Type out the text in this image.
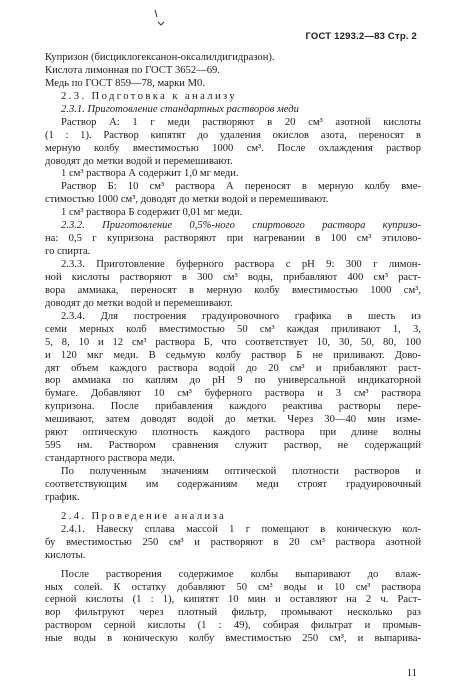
ГОСТ 1293.2—83 Стр. 2
Купризон (бисциклогексанон-оксалилдигидразон).
Кислота лимонная по ГОСТ 3652—69.
Медь по ГОСТ 859—78, марки М0.
2.3. Подготовка к анализу
2.3.1. Приготовление стандартных растворов меди
Раствор А: 1 г меди растворяют в 20 см³ азотной кислоты
(1 : 1). Раствор кипятят до удаления окислов азота, переносят в
мерную колбу вместимостью 1000 см³. После охлаждения раствор
доводят до метки водой и перемешивают.
1 см³ раствора А содержит 1,0 мг меди.
Раствор Б: 10 см³ раствора А переносят в мерную колбу вме-
стимостью 1000 см³, доводят до метки водой и перемешивают.
1 см³ раствора Б содержит 0,01 мг меди.
2.3.2. Приготовление 0,5%-ного спиртового раствора купризо-
на: 0,5 г купризона растворяют при нагревании в 100 см³ этилово-
го спирта.
2.3.3. Приготовление буферного раствора с pH 9: 300 г лимон-
ной кислоты растворяют в 300 см³ воды, прибавляют 400 см³ раст-
вора аммиака, переносят в мерную колбу вместимостью 1000 см³,
доводят до метки водой и перемешивают.
2.3.4. Для построения градуировочного графика в шесть из
семи мерных колб вместимостью 50 см³ каждая приливают 1, 3,
5, 8, 10 и 12 см³ раствора Б, что соответствует 10, 30, 50, 80, 100
и 120 мкг меди. В седьмую колбу раствор Б не приливают. Дово-
дят объем каждого раствора водой до 20 см³ и прибавляют раст-
вор аммиака по каплям до pH 9 по универсальной индикаторной
бумаге. Добавляют 10 см³ буферного раствора и 3 см³ раствора
купризона. После прибавления каждого реактива растворы пере-
мешивают, затем доводят водой до метки. Через 30—40 мин изме-
ряют оптическую плотность каждого раствора при длине волны
595 нм. Раствором сравнения служит раствор, не содержащий
стандартного раствора меди.
По полученным значениям оптической плотности растворов и
соответствующим им содержаниям меди строят градуировочный
график.
2.4. Проведение анализа
2.4.1. Навеску сплава массой 1 г помещают в коническую кол-
бу вместимостью 250 см³ и растворяют в 20 см³ раствора азотной
кислоты.
После растворения содержимое колбы выпаривают до влаж-
ных солей. К остатку добавляют 50 см³ воды и 10 см³ раствора
серной кислоты (1 : 1), кипятят 10 мин и оставляют на 2 ч. Раст-
вор фильтруют через плотный фильтр, промывают несколько раз
раствором серной кислоты (1 : 49), собирая фильтрат и промыв-
ные воды в коническую колбу вместимостью 250 см³, и выпарива-
11
